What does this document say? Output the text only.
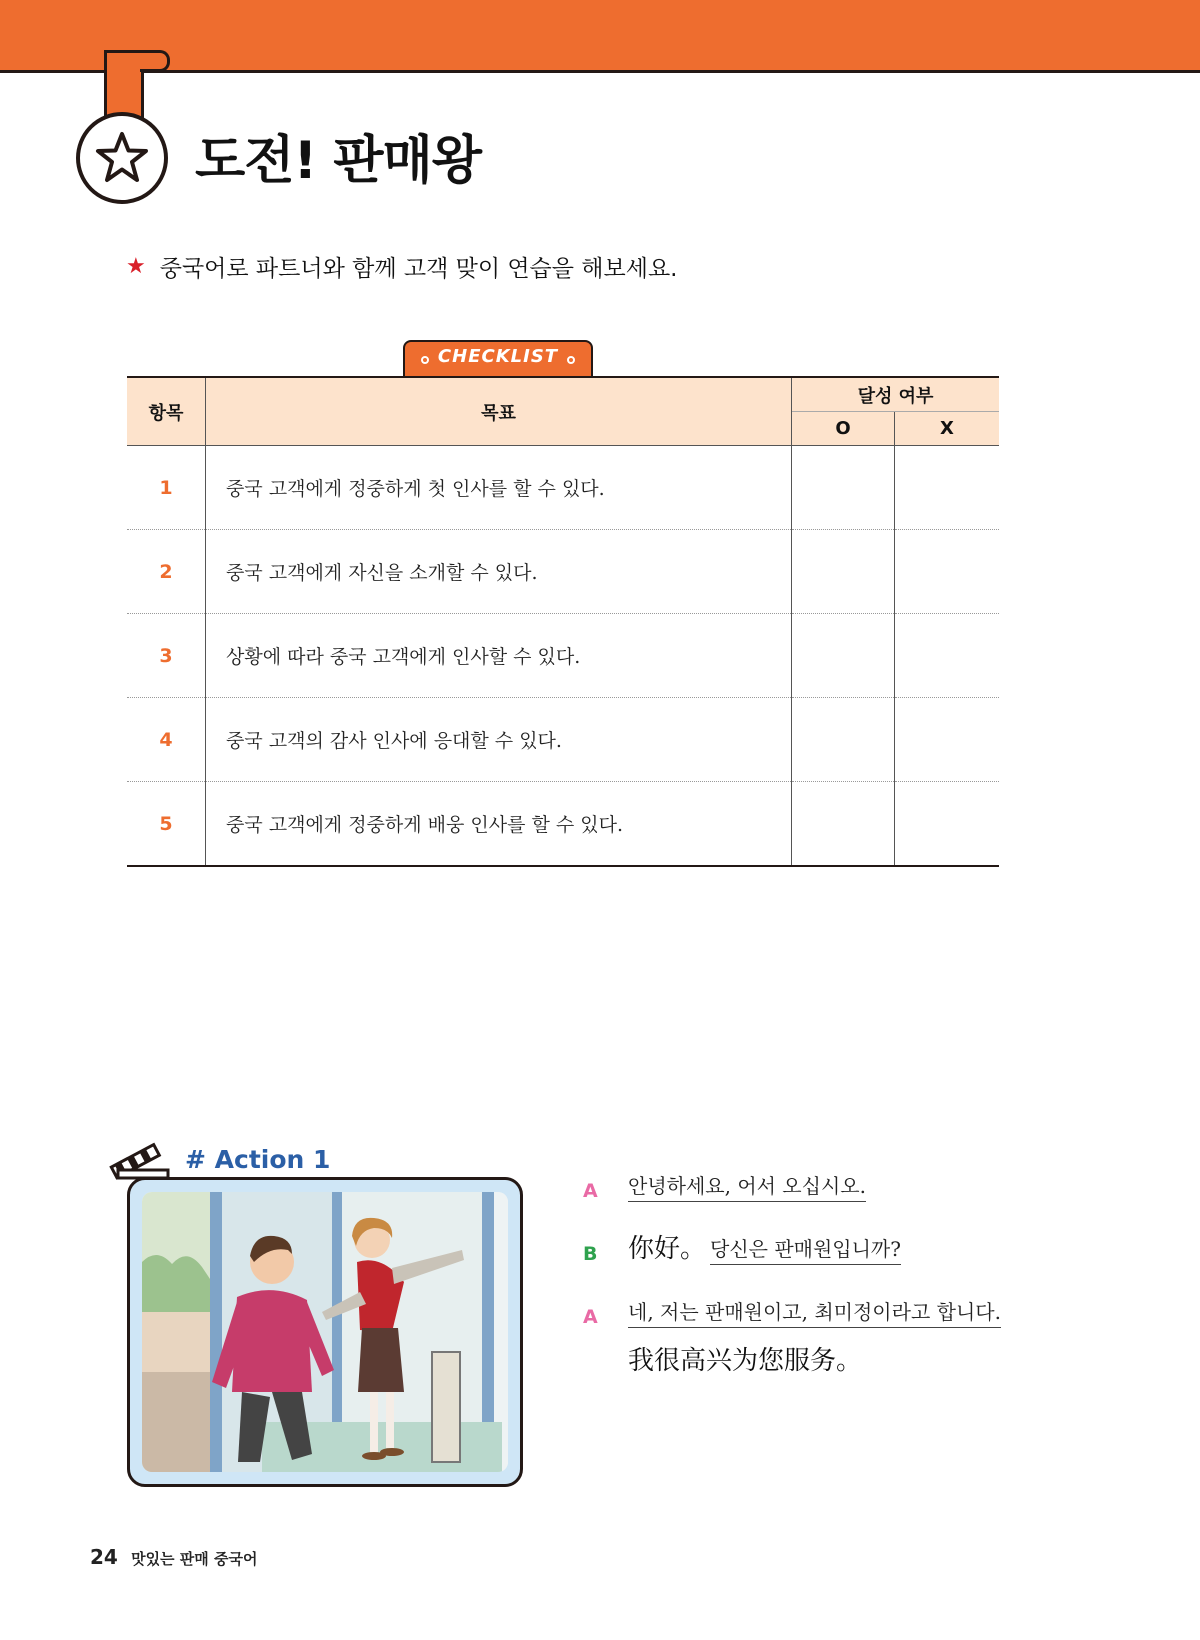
도전! 판매왕
★ 중국어로 파트너와 함께 고객 맞이 연습을 해보세요.
CHECKLIST
항목	목표	달성 여부	
		O	X
1	중국 고객에게 정중하게 첫 인사를 할 수 있다.		
2	중국 고객에게 자신을 소개할 수 있다.		
3	상황에 따라 중국 고객에게 인사할 수 있다.		
4	중국 고객의 감사 인사에 응대할 수 있다.		
5	중국 고객에게 정중하게 배웅 인사를 할 수 있다.		
# Action 1
A	안녕하세요, 어서 오십시오.
B	你好。 당신은 판매원입니까?
A	네, 저는 판매원이고, 최미정이라고 합니다.
我很高兴为您服务。
24 맛있는 판매 중국어
